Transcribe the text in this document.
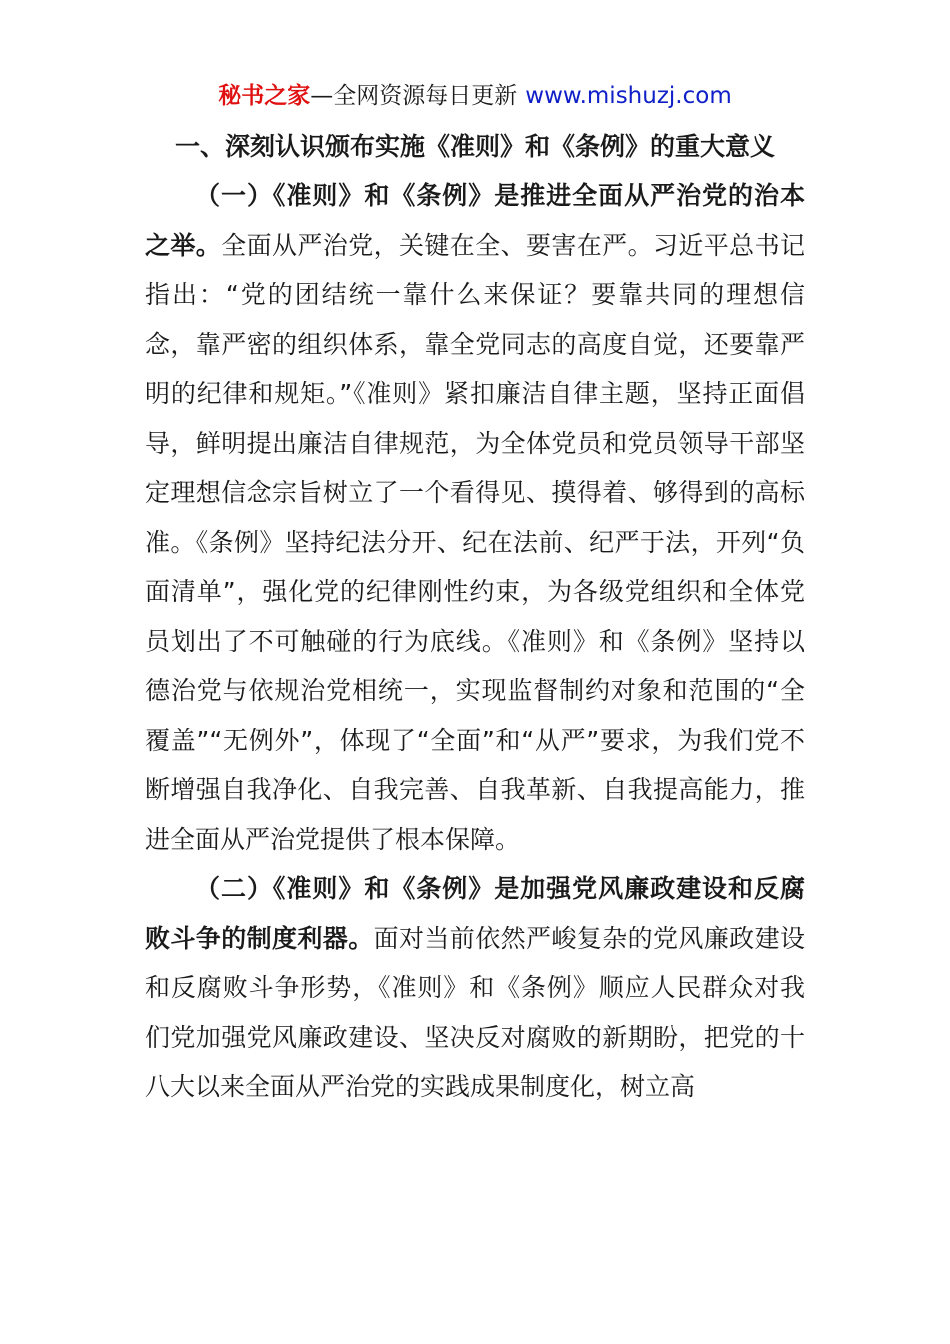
秘书之家—全网资源每日更新 www.mishuzj.com

一、深刻认识颁布实施《准则》和《条例》的重大意义

（一）《准则》和《条例》是推进全面从严治党的治本之举。全面从严治党，关键在全、要害在严。习近平总书记指出：“党的团结统一靠什么来保证？要靠共同的理想信念，靠严密的组织体系，靠全党同志的高度自觉，还要靠严明的纪律和规矩。”《准则》紧扣廉洁自律主题，坚持正面倡导，鲜明提出廉洁自律规范，为全体党员和党员领导干部坚定理想信念宗旨树立了一个看得见、摸得着、够得到的高标准。《条例》坚持纪法分开、纪在法前、纪严于法，开列“负面清单”，强化党的纪律刚性约束，为各级党组织和全体党员划出了不可触碰的行为底线。《准则》和《条例》坚持以德治党与依规治党相统一，实现监督制约对象和范围的“全覆盖”“无例外”，体现了“全面”和“从严”要求，为我们党不断增强自我净化、自我完善、自我革新、自我提高能力，推进全面从严治党提供了根本保障。

（二）《准则》和《条例》是加强党风廉政建设和反腐败斗争的制度利器。面对当前依然严峻复杂的党风廉政建设和反腐败斗争形势，《准则》和《条例》顺应人民群众对我们党加强党风廉政建设、坚决反对腐败的新期盼，把党的十八大以来全面从严治党的实践成果制度化，树立高
